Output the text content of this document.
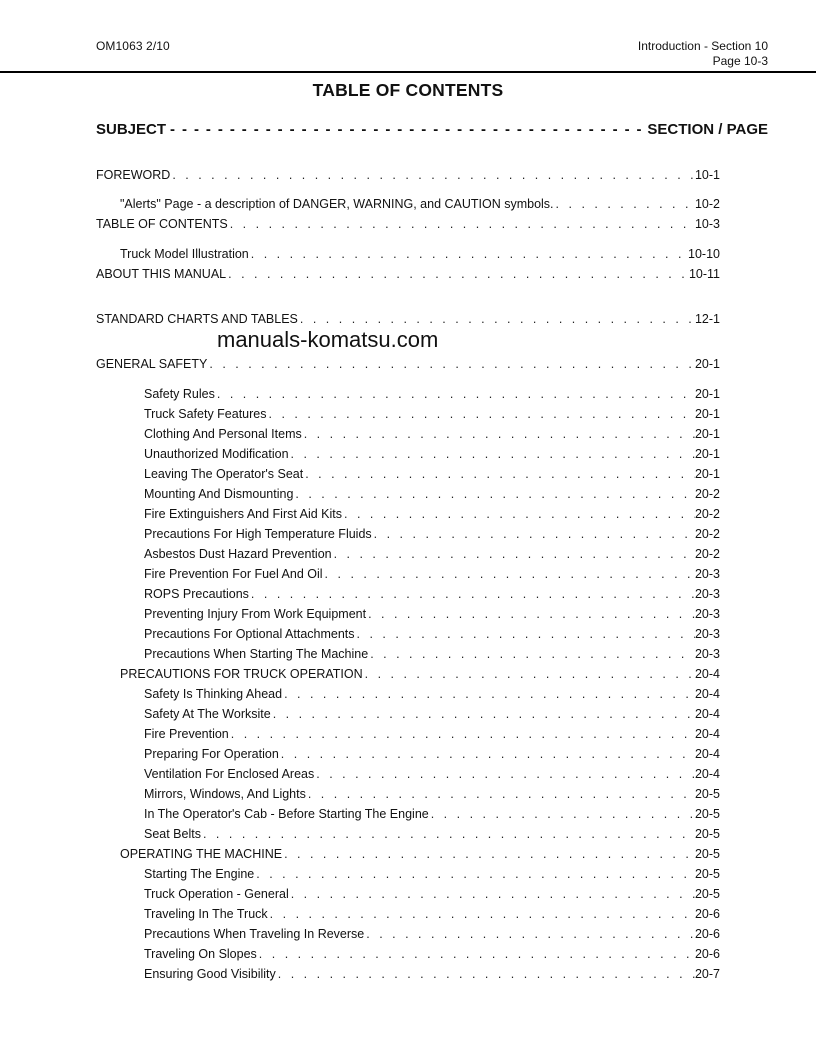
OM1063 2/10	Introduction - Section 10
Page 10-3
TABLE OF CONTENTS
SUBJECT - - -	SECTION / PAGE
FOREWORD . . .	10-1
"Alerts" Page - a description of DANGER, WARNING, and CAUTION symbols. . . .	10-2
TABLE OF CONTENTS . . .	10-3
Truck Model Illustration . . .	10-10
ABOUT THIS MANUAL . . .	10-11
STANDARD CHARTS AND TABLES . . .	12-1
GENERAL SAFETY . . .	20-1
Safety Rules . . .	20-1
Truck Safety Features . . .	20-1
Clothing And Personal Items . . .	20-1
Unauthorized Modification . . .	20-1
Leaving The Operator's Seat . . .	20-1
Mounting And Dismounting . . .	20-2
Fire Extinguishers And First Aid Kits . . .	20-2
Precautions For High Temperature Fluids . . .	20-2
Asbestos Dust Hazard Prevention . . .	20-2
Fire Prevention For Fuel And Oil . . .	20-3
ROPS Precautions . . .	20-3
Preventing Injury From Work Equipment . . .	20-3
Precautions For Optional Attachments . . .	20-3
Precautions When Starting The Machine . . .	20-3
PRECAUTIONS FOR TRUCK OPERATION . . .	20-4
Safety Is Thinking Ahead . . .	20-4
Safety At The Worksite . . .	20-4
Fire Prevention . . .	20-4
Preparing For Operation . . .	20-4
Ventilation For Enclosed Areas . . .	20-4
Mirrors, Windows, And Lights . . .	20-5
In The Operator's Cab - Before Starting The Engine . . .	20-5
Seat Belts . . .	20-5
OPERATING THE MACHINE . . .	20-5
Starting The Engine . . .	20-5
Truck Operation - General . . .	20-5
Traveling In The Truck . . .	20-6
Precautions When Traveling In Reverse . . .	20-6
Traveling On Slopes . . .	20-6
Ensuring Good Visibility . . .	20-7
manuals-komatsu.com
